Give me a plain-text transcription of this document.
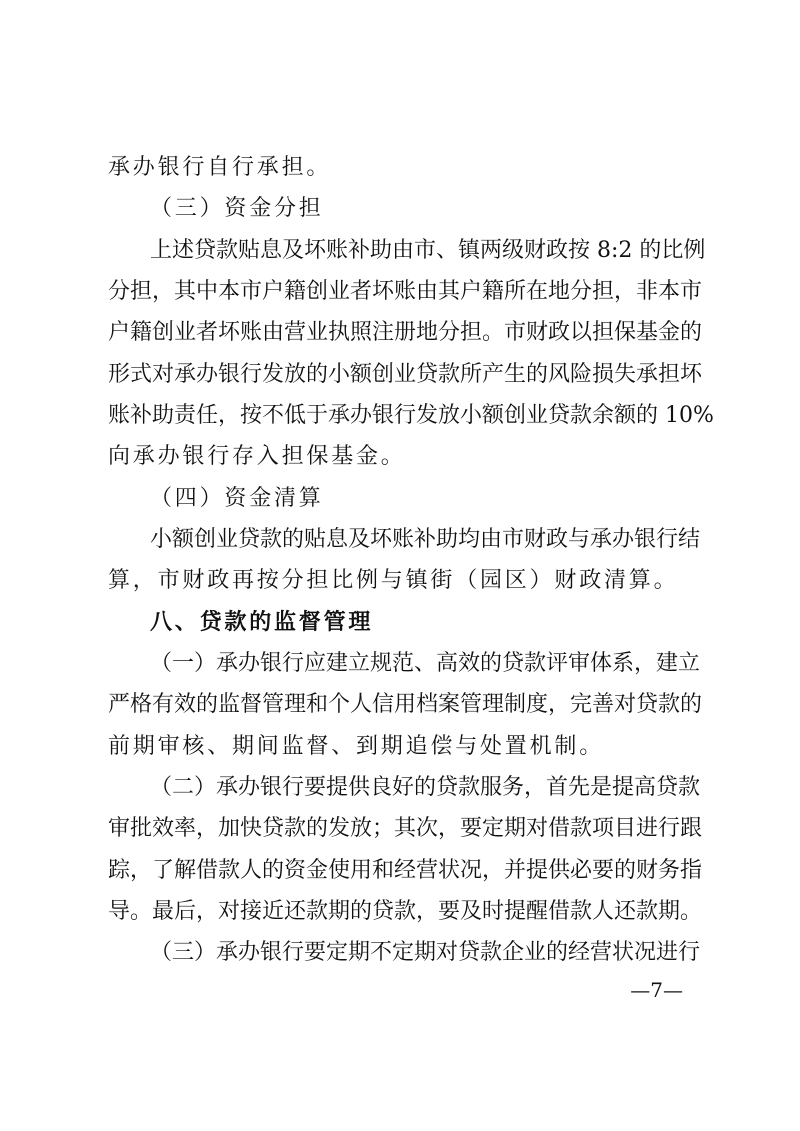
承办银行自行承担。
（三）资金分担
上述贷款贴息及坏账补助由市、镇两级财政按 8:2 的比例
分担，其中本市户籍创业者坏账由其户籍所在地分担，非本市
户籍创业者坏账由营业执照注册地分担。市财政以担保基金的
形式对承办银行发放的小额创业贷款所产生的风险损失承担坏
账补助责任，按不低于承办银行发放小额创业贷款余额的 10%
向承办银行存入担保基金。
（四）资金清算
小额创业贷款的贴息及坏账补助均由市财政与承办银行结
算，市财政再按分担比例与镇街（园区）财政清算。
八、贷款的监督管理
（一）承办银行应建立规范、高效的贷款评审体系，建立
严格有效的监督管理和个人信用档案管理制度，完善对贷款的
前期审核、期间监督、到期追偿与处置机制。
（二）承办银行要提供良好的贷款服务，首先是提高贷款
审批效率，加快贷款的发放；其次，要定期对借款项目进行跟
踪，了解借款人的资金使用和经营状况，并提供必要的财务指
导。最后，对接近还款期的贷款，要及时提醒借款人还款期。
（三）承办银行要定期不定期对贷款企业的经营状况进行
—7—
